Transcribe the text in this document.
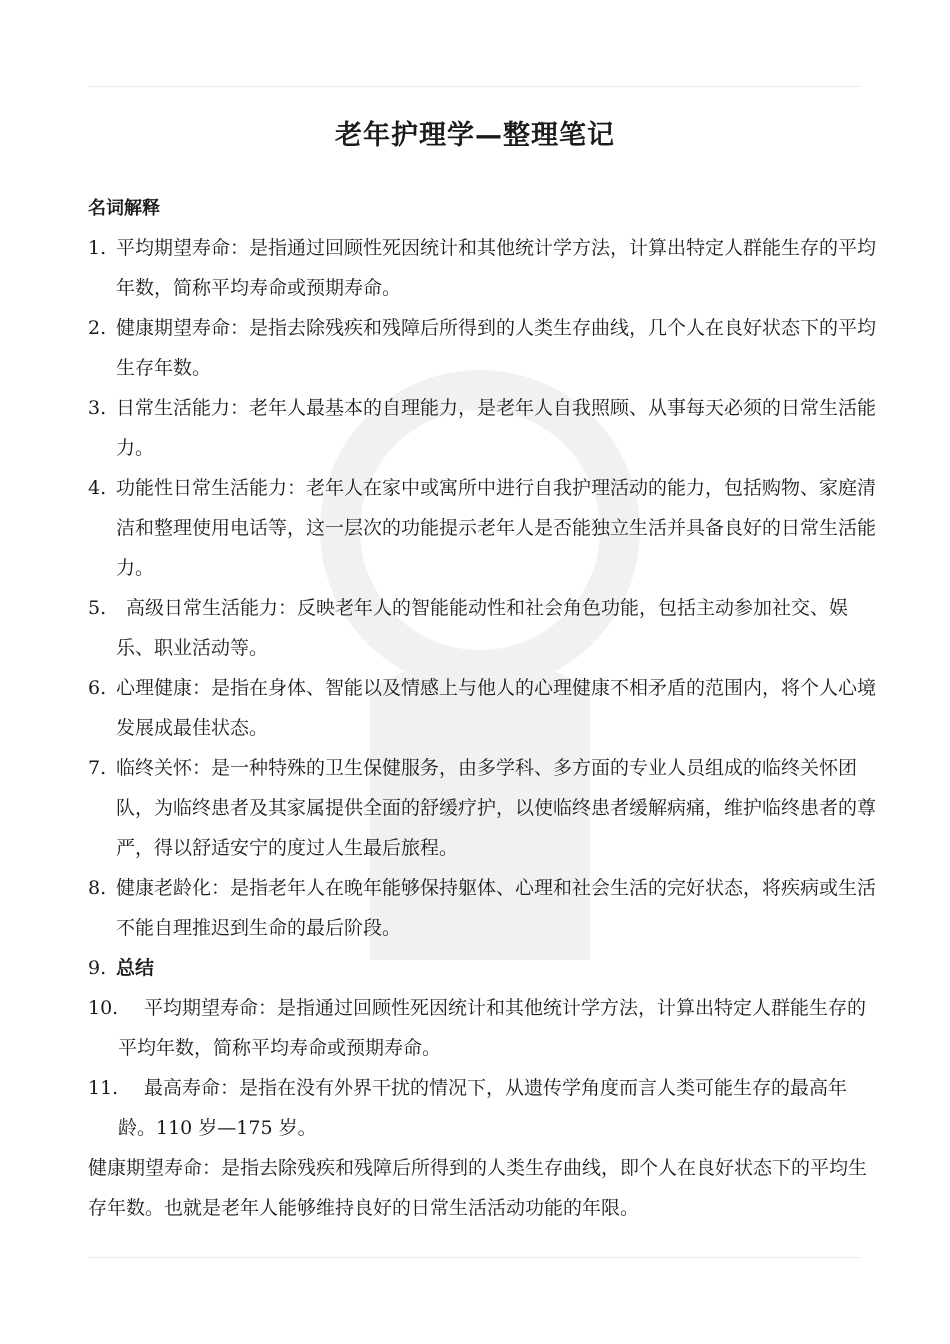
老年护理学—整理笔记
名词解释
1. 平均期望寿命：是指通过回顾性死因统计和其他统计学方法，计算出特定人群能生存的平均年数，简称平均寿命或预期寿命。
2. 健康期望寿命：是指去除残疾和残障后所得到的人类生存曲线，几个人在良好状态下的平均生存年数。
3. 日常生活能力：老年人最基本的自理能力，是老年人自我照顾、从事每天必须的日常生活能力。
4. 功能性日常生活能力：老年人在家中或寓所中进行自我护理活动的能力，包括购物、家庭清洁和整理使用电话等，这一层次的功能提示老年人是否能独立生活并具备良好的日常生活能力。
5. 高级日常生活能力：反映老年人的智能能动性和社会角色功能，包括主动参加社交、娱乐、职业活动等。
6. 心理健康：是指在身体、智能以及情感上与他人的心理健康不相矛盾的范围内，将个人心境发展成最佳状态。
7. 临终关怀：是一种特殊的卫生保健服务，由多学科、多方面的专业人员组成的临终关怀团队，为临终患者及其家属提供全面的舒缓疗护，以使临终患者缓解病痛，维护临终患者的尊严，得以舒适安宁的度过人生最后旅程。
8. 健康老龄化：是指老年人在晚年能够保持躯体、心理和社会生活的完好状态，将疾病或生活不能自理推迟到生命的最后阶段。
9. 总结
10. 平均期望寿命：是指通过回顾性死因统计和其他统计学方法，计算出特定人群能生存的平均年数，简称平均寿命或预期寿命。
11. 最高寿命：是指在没有外界干扰的情况下，从遗传学角度而言人类可能生存的最高年龄。110 岁—175 岁。

健康期望寿命：是指去除残疾和残障后所得到的人类生存曲线，即个人在良好状态下的平均生存年数。也就是老年人能够维持良好的日常生活活动功能的年限。
